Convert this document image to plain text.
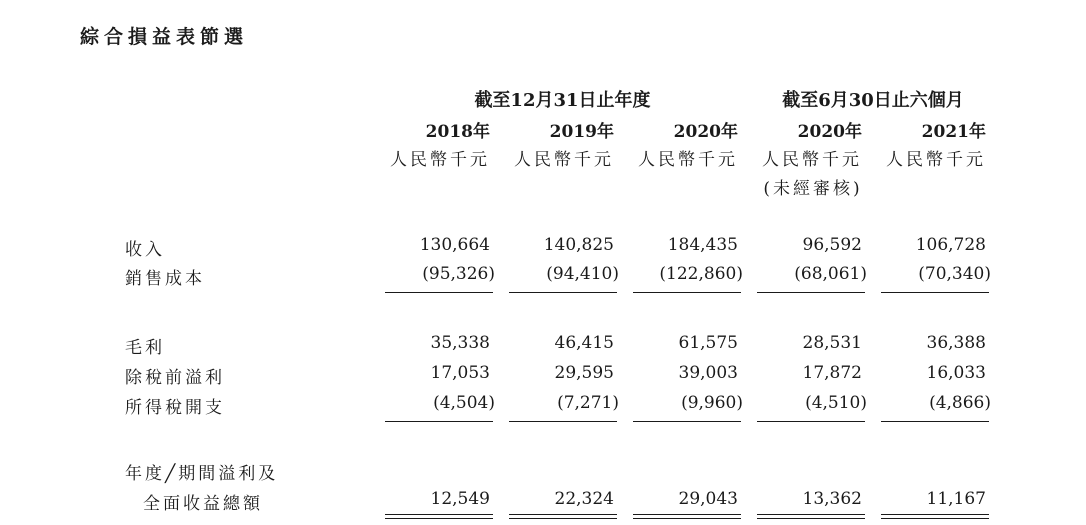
綜合損益表節選
截至12月31日止年度	截至6月30日止六個月
2018年	2019年	2020年	2020年	2021年
人民幣千元	人民幣千元	人民幣千元	人民幣千元	人民幣千元
(未經審核)
收入	130,664	140,825	184,435	96,592	106,728
銷售成本	(95,326)	(94,410)	(122,860)	(68,061)	(70,340)
毛利	35,338	46,415	61,575	28,531	36,388
除稅前溢利	17,053	29,595	39,003	17,872	16,033
所得稅開支	(4,504)	(7,271)	(9,960)	(4,510)	(4,866)
年度╱期間溢利及
全面收益總額	12,549	22,324	29,043	13,362	11,167
